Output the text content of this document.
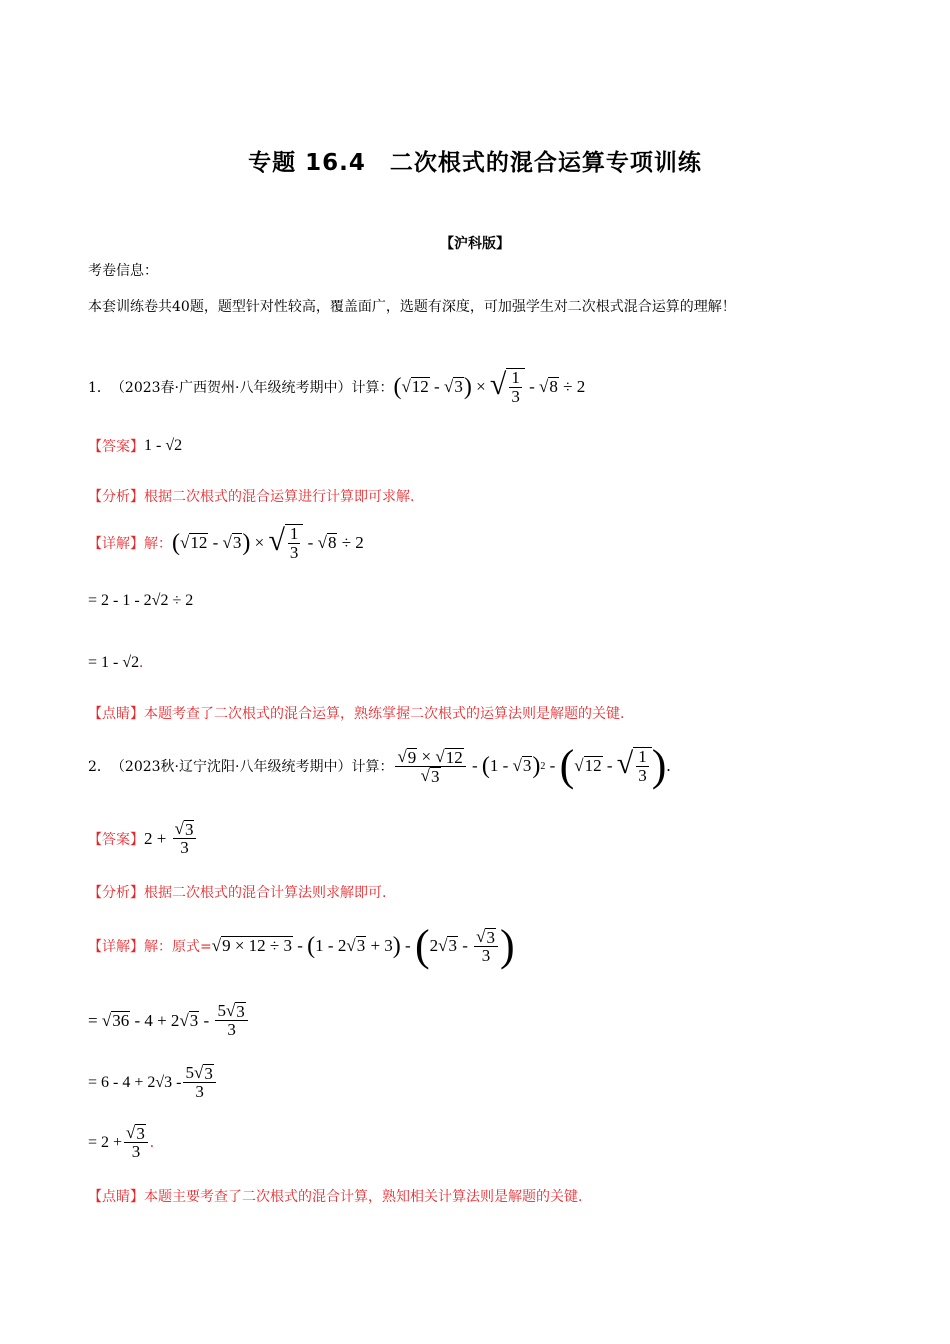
专题 16.4　二次根式的混合运算专项训练
【沪科版】
考卷信息：
本套训练卷共40题，题型针对性较高，覆盖面广，选题有深度，可加强学生对二次根式混合运算的理解！
1． （2023春·广西贺州·八年级统考期中）计算： ( √ 12 - √ 3 ) × √ $\frac{1}{3}$ - √ 8 ÷ 2
【答案】 1 - √2
【分析】根据二次根式的混合运算进行计算即可求解.
【详解】 解： ( √ 12 - √ 3 ) × √ $\frac{1}{3}$ - √ 8 ÷ 2
= 2 - 1 - 2√2 ÷ 2
= 1 - √2.
【点睛】本题考查了二次根式的混合运算，熟练掌握二次根式的运算法则是解题的关键.
2． （2023秋·辽宁沈阳·八年级统考期中）计算： $\frac{√ 9 \times √ 12}{√ 3}$ - ( 1 - √ 3 ) 2 - ( √ 12 - √ $\frac{1}{3}$ ) .
【答案】 $2 + \frac{√ 3}{3}$
【分析】根据二次根式的混合计算法则求解即可.
【详解】 解：原式= √ 9 × 12 ÷ 3 - ( 1 - 2 √ 3 + 3 ) - ( 2 √ $3 - \frac{√ 3}{3}$ )
= √ 36 - 4 + 2 √ $3 - \frac{5 √ 3}{3}$
= $6 - 4 + 2√3 - \frac{5 √ 3}{3}$
= $2 + \frac{√ 3}{3}$ .
【点睛】本题主要考查了二次根式的混合计算，熟知相关计算法则是解题的关键.
